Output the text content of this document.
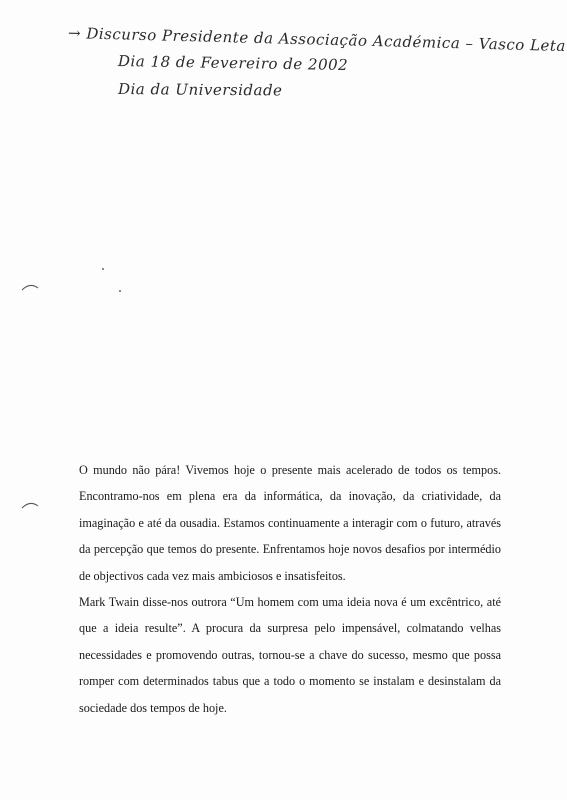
→ Discurso Presidente da Associação Académica – Vasco Leta
Dia 18 de Fevereiro de 2002
Dia da Universidade

O mundo não pára! Vivemos hoje o presente mais acelerado de todos os tempos. Encontramo-nos em plena era da informática, da inovação, da criatividade, da imaginação e até da ousadia. Estamos continuamente a interagir com o futuro, através da percepção que temos do presente. Enfrentamos hoje novos desafios por intermédio de objectivos cada vez mais ambiciosos e insatisfeitos.

Mark Twain disse-nos outrora “Um homem com uma ideia nova é um excêntrico, até que a ideia resulte”. A procura da surpresa pelo impensável, colmatando velhas necessidades e promovendo outras, tornou-se a chave do sucesso, mesmo que possa romper com determinados tabus que a todo o momento se instalam e desinstalam da sociedade dos tempos de hoje.
